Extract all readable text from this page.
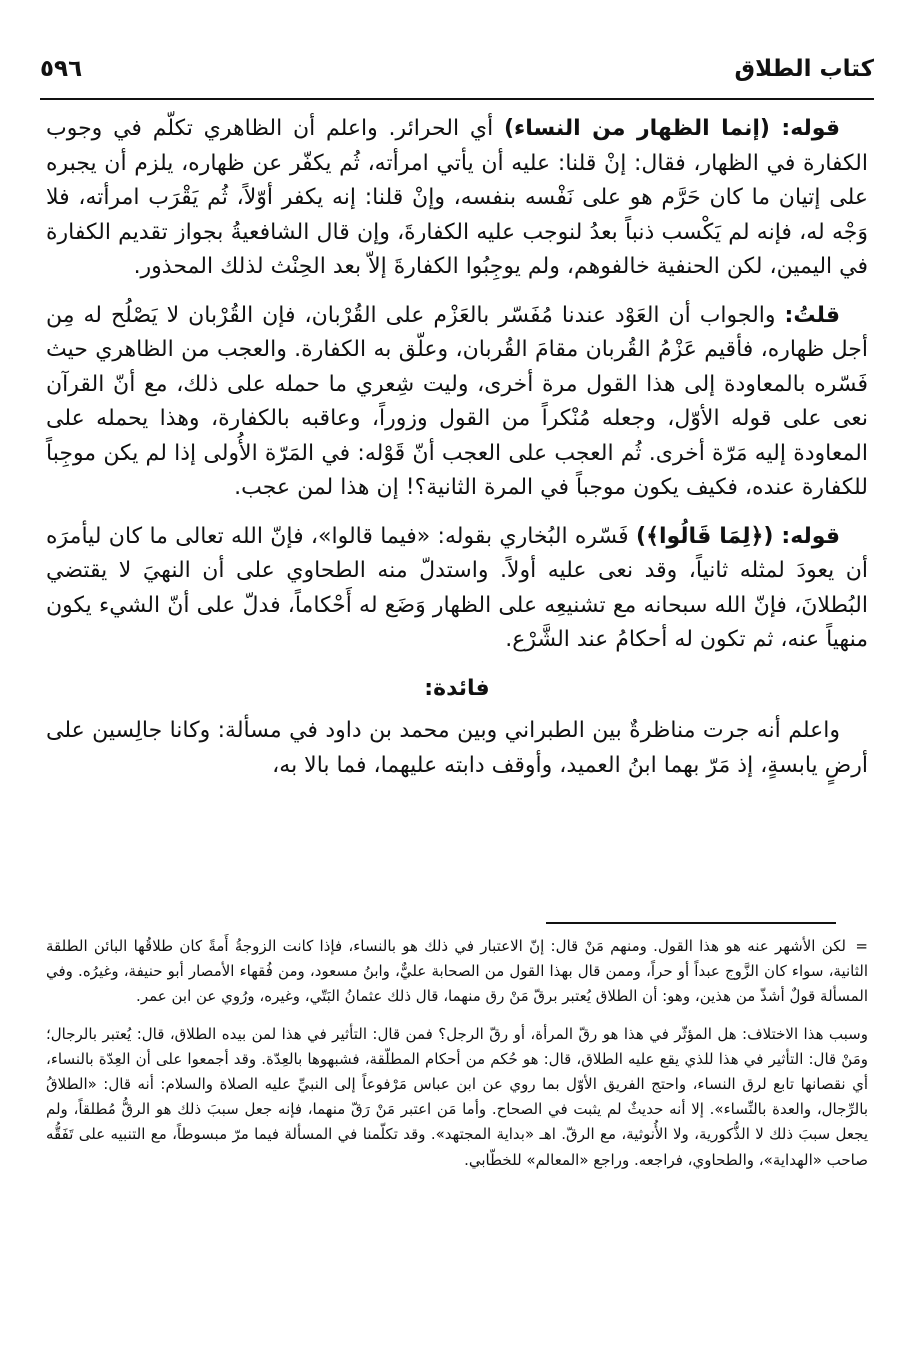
كتاب الطلاق
٥٩٦

قوله: (إنما الظهار من النساء) أي الحرائر. واعلم أن الظاهري تكلّم في وجوب الكفارة في الظهار، فقال: إنْ قلنا: عليه أن يأتي امرأته، ثُم يكفّر عن ظهاره، يلزم أن يجبره على إتيان ما كان حَرَّم هو على نَفْسه بنفسه، وإنْ قلنا: إنه يكفر أوّلاً، ثُم يَقْرَب امرأته، فلا وَجْه له، فإنه لم يَكْسب ذنباً بعدُ لنوجب عليه الكفارةَ، وإن قال الشافعيةُ بجواز تقديم الكفارة في اليمين، لكن الحنفية خالفوهم، ولم يوجِبُوا الكفارةَ إلاّ بعد الحِنْث لذلك المحذور.

قلتُ: والجواب أن العَوْد عندنا مُفَسّر بالعَزْم على القُرْبان، فإن القُرْبان لا يَصْلُح له مِن أجل ظهاره، فأقيم عَزْمُ القُربان مقامَ القُربان، وعلّق به الكفارة. والعجب من الظاهري حيث فَسّره بالمعاودة إلى هذا القول مرة أخرى، وليت شِعري ما حمله على ذلك، مع أنّ القرآن نعى على قوله الأوّل، وجعله مُنْكراً من القول وزوراً، وعاقبه بالكفارة، وهذا يحمله على المعاودة إليه مَرّة أخرى. ثُم العجب على العجب أنّ قَوْله: في المَرّة الأُولى إذا لم يكن موجِباً للكفارة عنده، فكيف يكون موجباً في المرة الثانية؟! إن هذا لمن عجب.

قوله: (﴿لِمَا قَالُوا﴾) فَسّره البُخاري بقوله: «فيما قالوا»، فإنّ الله تعالى ما كان ليأمرَه أن يعودَ لمثله ثانياً، وقد نعى عليه أولاً. واستدلّ منه الطحاوي على أن النهيَ لا يقتضي البُطلانَ، فإنّ الله سبحانه مع تشنيعِه على الظهار وَضَع له أَحْكاماً، فدلّ على أنّ الشيء يكون منهياً عنه، ثم تكون له أحكامُ عند الشَّرْع.

فائدة:

واعلم أنه جرت مناظرةٌ بين الطبراني وبين محمد بن داود في مسألة: وكانا جالِسين على أرضٍ يابسةٍ، إذ مَرّ بهما ابنُ العميد، وأوقف دابته عليهما، فما بالا به،

=لكن الأشهر عنه هو هذا القول. ومنهم مَنْ قال: إنّ الاعتبار في ذلك هو بالنساء، فإذا كانت الزوجةُ أَمةً كان طلاقُها البائن الطلقة الثانية، سواء كان الزَّوج عبداً أو حراً، وممن قال بهذا القول من الصحابة عليٌّ، وابنُ مسعود، ومن فُقهاء الأمصار أبو حنيفة، وغيرُه. وفي المسألة قولٌ أشذّ من هذين، وهو: أن الطلاق يُعتبر برقّ مَنْ رق منهما، قال ذلك عثمانُ البَتّي، وغيره، ورُوي عن ابن عمر.

وسبب هذا الاختلاف: هل المؤثّر في هذا هو رقّ المرأة، أو رقّ الرجل؟ فمن قال: التأثير في هذا لمن بيده الطلاق، قال: يُعتبر بالرجال؛ ومَنْ قال: التأثير في هذا للذي يقع عليه الطلاق، قال: هو حُكم من أحكام المطلّقة، فشبهوها بالعِدّة. وقد أجمعوا على أن العِدّة بالنساء، أي نقصانها تابع لرق النساء، واحتج الفريق الأوّل بما روي عن ابن عباس مَرْفوعاً إلى النبيِّ عليه الصلاة والسلام: أنه قال: «الطلاقُ بالرِّجال، والعدة بالنِّساء». إلا أنه حديثٌ لم يثبت في الصحاح. وأما مَن اعتبر مَنْ رَقّ منهما، فإنه جعل سببَ ذلك هو الرقُّ مُطلقاً، ولم يجعل سببَ ذلك لا الذُّكورية، ولا الأُنوثية، مع الرقّ. اهـ «بداية المجتهد». وقد تكلّمنا في المسألة فيما مرّ مبسوطاً، مع التنبيه على تَفَقُّه صاحب «الهداية»، والطحاوي، فراجعه. وراجع «المعالم» للخطّابي.
